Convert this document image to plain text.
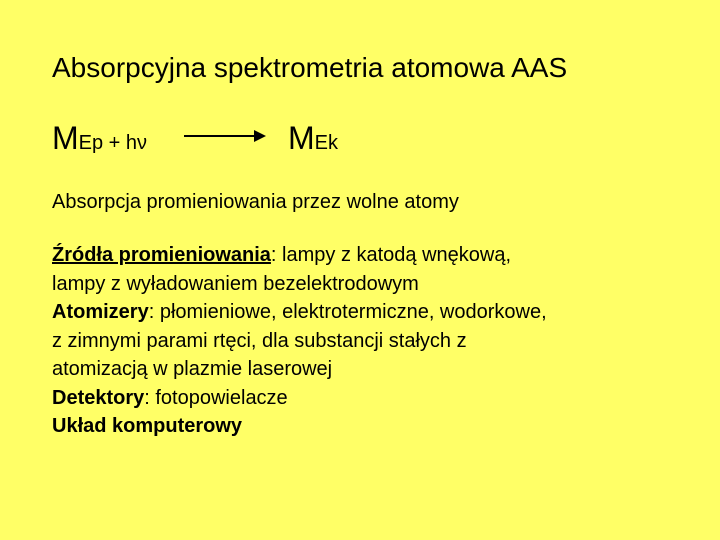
Absorpcyjna spektrometria atomowa AAS
MEp + hν	MEk
Absorpcja promieniowania przez wolne atomy
Źródła promieniowania: lampy z katodą wnękową,
lampy z wyładowaniem bezelektrodowym
Atomizery: płomieniowe, elektrotermiczne, wodorkowe,
z zimnymi parami rtęci, dla substancji stałych z
atomizacją w plazmie laserowej
Detektory: fotopowielacze
Układ komputerowy
